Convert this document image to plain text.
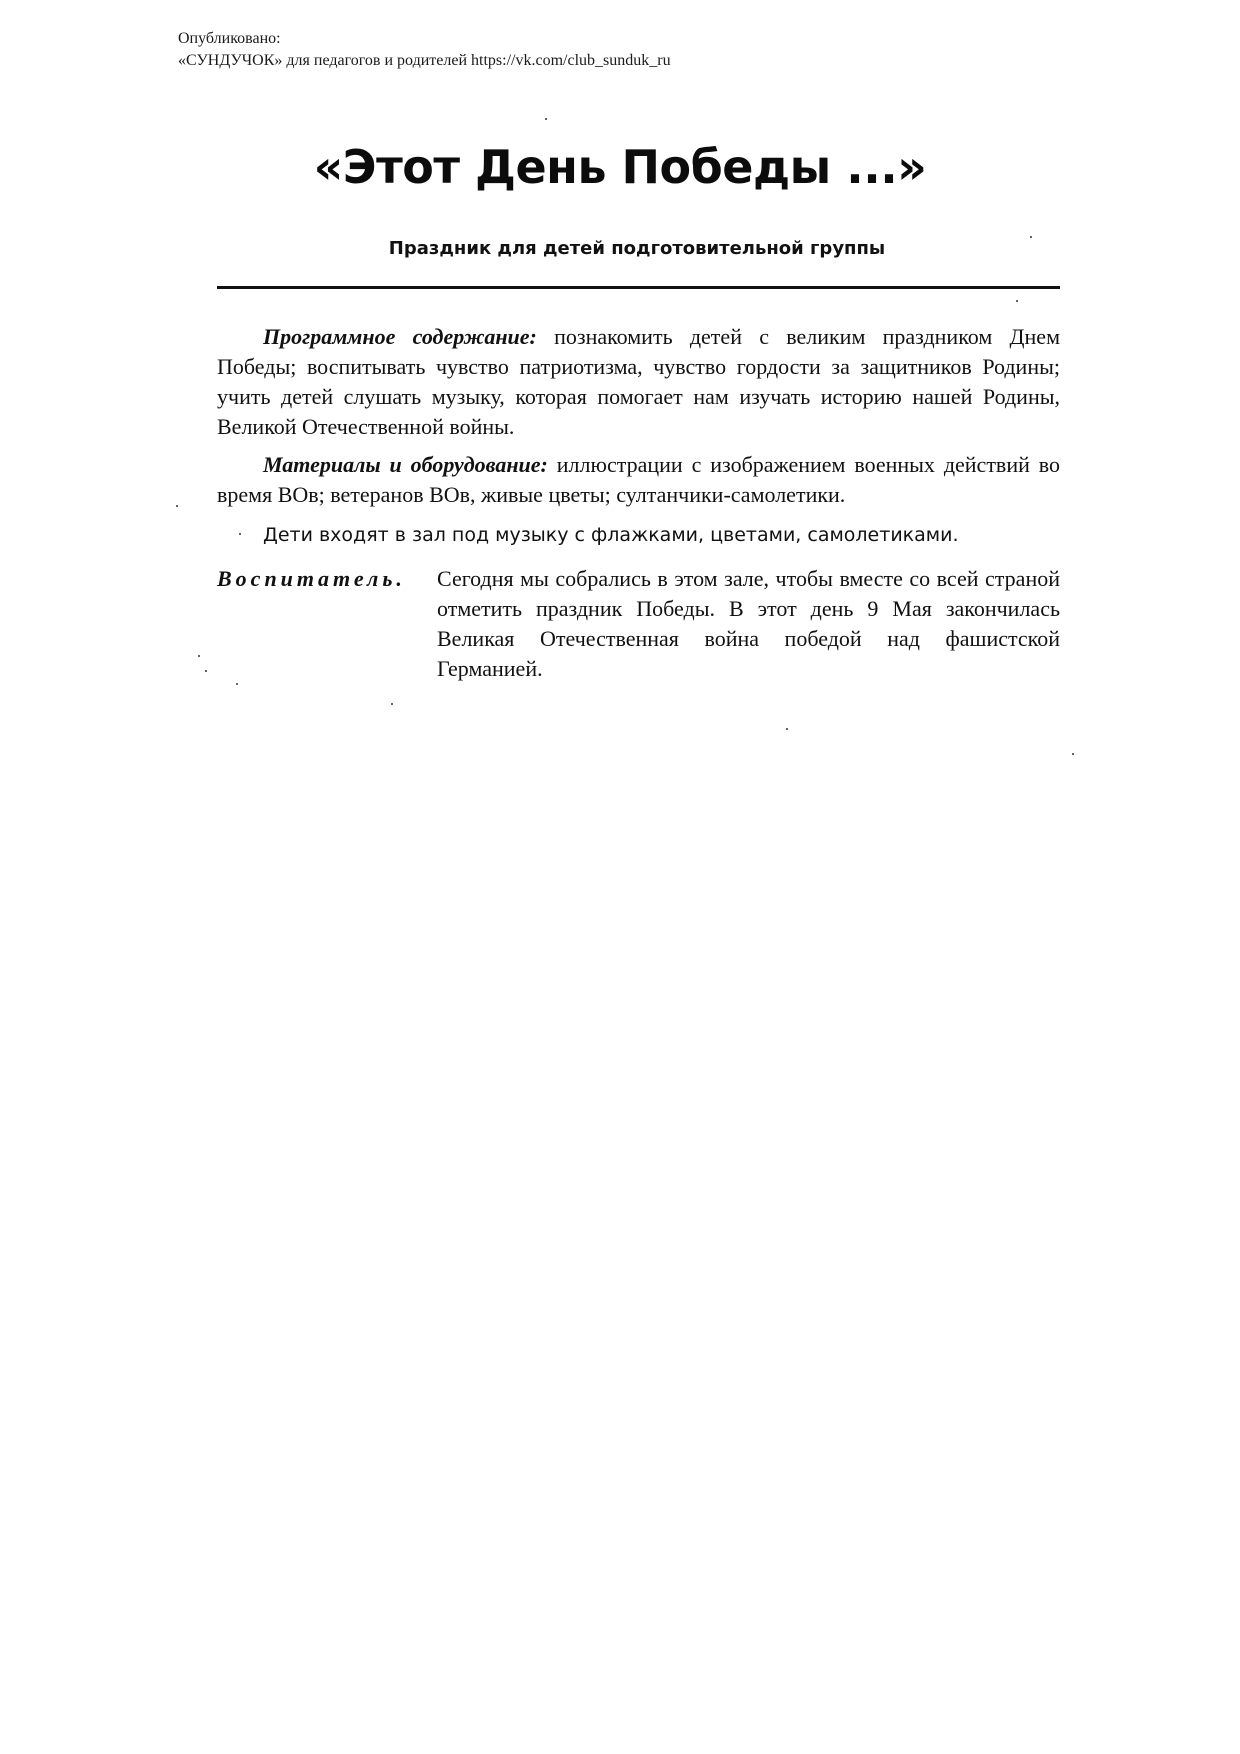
Опубликовано:
«СУНДУЧОК» для педагогов и родителей https://vk.com/club_sunduk_ru
«Этот День Победы ...»
Праздник для детей подготовительной группы

Программное содержание: познакомить детей с великим праздником Днем Победы; воспитывать чувство патриотизма, чувство гордости за защитников Родины; учить детей слушать музыку, которая помогает нам изучать историю нашей Родины, Великой Отечественной войны.

Материалы и оборудование: иллюстрации с изображением военных действий во время ВОв; ветеранов ВОв, живые цветы; султанчики-самолетики.

Дети входят в зал под музыку с флажками, цветами, самолетиками.
Воспитатель.	Сегодня мы собрались в этом зале, чтобы вместе со всей страной отметить праздник Победы. В этот день 9 Мая закончилась Великая Отечественная война победой над фашистской Германией.
